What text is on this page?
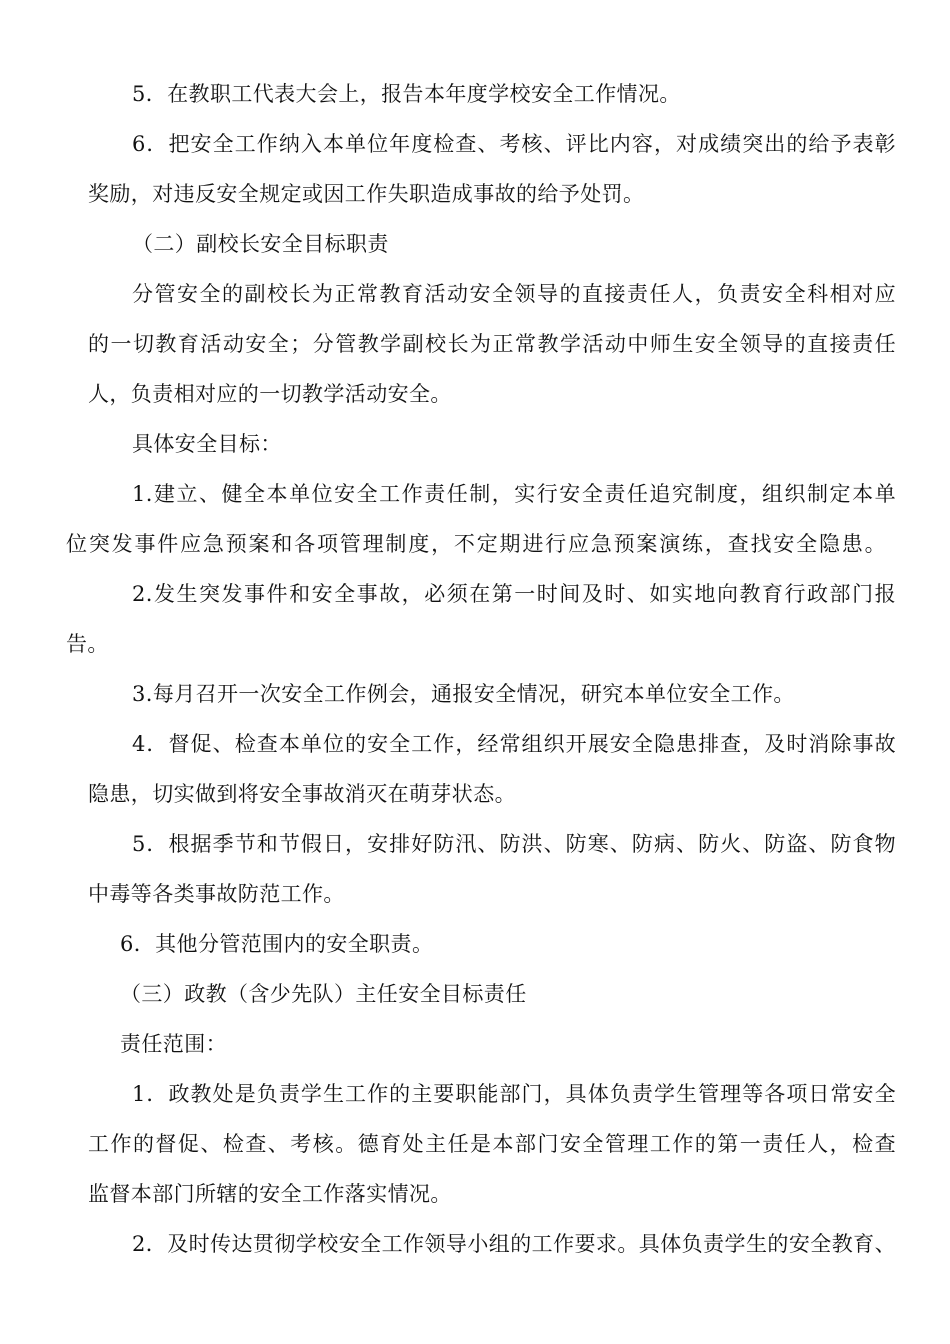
5．在教职工代表大会上，报告本年度学校安全工作情况。
6．把安全工作纳入本单位年度检查、考核、评比内容，对成绩突出的给予表彰
奖励，对违反安全规定或因工作失职造成事故的给予处罚。
（二）副校长安全目标职责
分管安全的副校长为正常教育活动安全领导的直接责任人，负责安全科相对应
的一切教育活动安全；分管教学副校长为正常教学活动中师生安全领导的直接责任
人，负责相对应的一切教学活动安全。
具体安全目标：
1.建立、健全本单位安全工作责任制，实行安全责任追究制度，组织制定本单
位突发事件应急预案和各项管理制度，不定期进行应急预案演练，查找安全隐患。
2.发生突发事件和安全事故，必须在第一时间及时、如实地向教育行政部门报
告。
3.每月召开一次安全工作例会，通报安全情况，研究本单位安全工作。
4．督促、检查本单位的安全工作，经常组织开展安全隐患排查，及时消除事故
隐患，切实做到将安全事故消灭在萌芽状态。
5．根据季节和节假日，安排好防汛、防洪、防寒、防病、防火、防盗、防食物
中毒等各类事故防范工作。
6．其他分管范围内的安全职责。
（三）政教（含少先队）主任安全目标责任
责任范围：
1．政教处是负责学生工作的主要职能部门，具体负责学生管理等各项日常安全
工作的督促、检查、考核。德育处主任是本部门安全管理工作的第一责任人，检查
监督本部门所辖的安全工作落实情况。
2．及时传达贯彻学校安全工作领导小组的工作要求。具体负责学生的安全教育、
